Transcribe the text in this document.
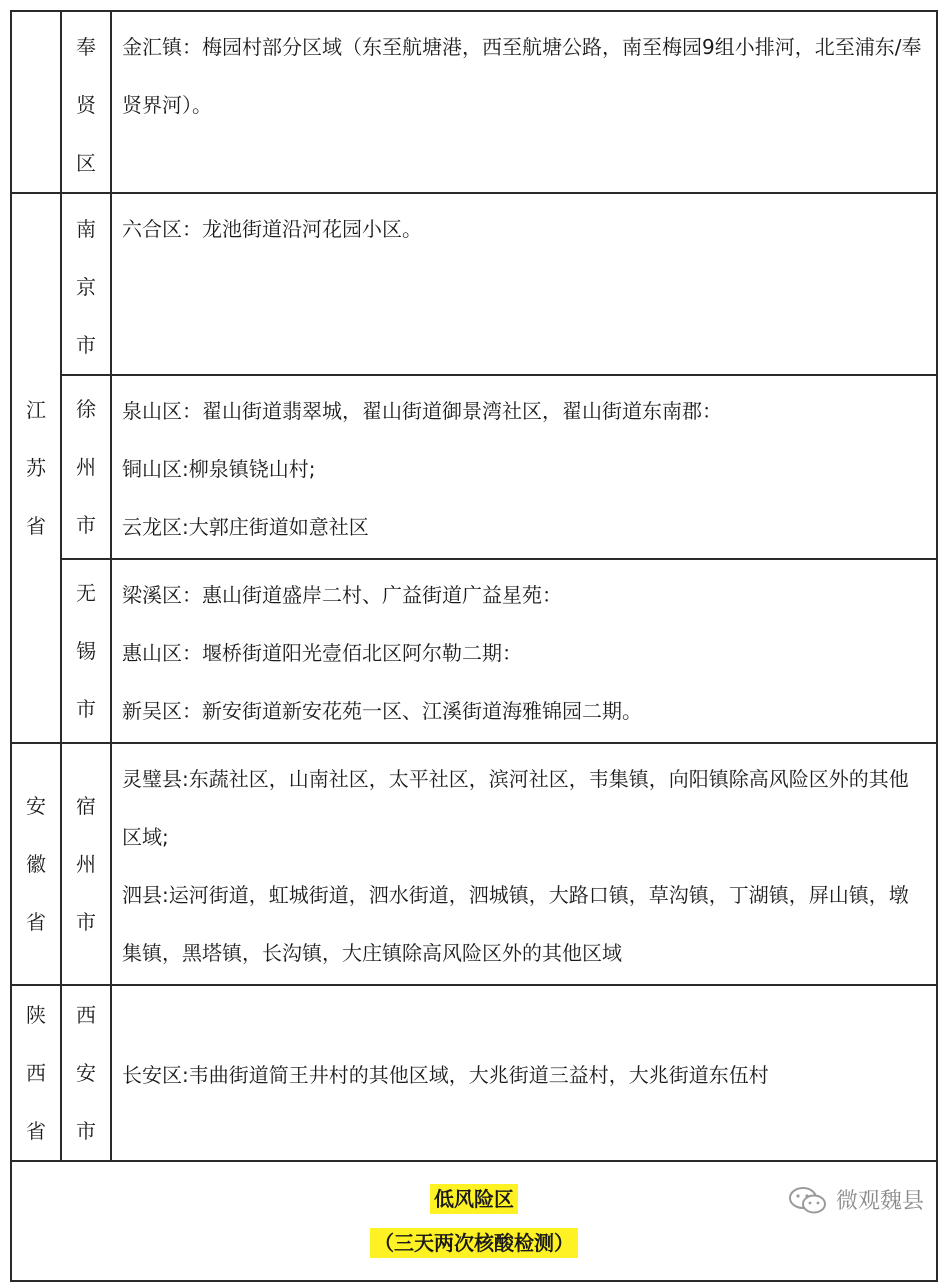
	奉贤区	金汇镇：梅园村部分区域（东至航塘港，西至航塘公路，南至梅园9组小排河，北至浦东/奉贤界河）。

江苏省	南京市	六合区：龙池街道沿河花园小区。

	徐州市	泉山区：翟山街道翡翠城，翟山街道御景湾社区，翟山街道东南郡：
铜山区:柳泉镇铙山村;
云龙区:大郭庄街道如意社区

	无锡市	梁溪区：惠山街道盛岸二村、广益街道广益星苑：
惠山区：堰桥街道阳光壹佰北区阿尔勒二期：
新吴区：新安街道新安花苑一区、江溪街道海雅锦园二期。

安徽省	宿州市	灵璧县:东蔬社区，山南社区，太平社区，滨河社区，韦集镇，向阳镇除高风险区外的其他区域;
泗县:运河街道，虹城街道，泗水街道，泗城镇，大路口镇，草沟镇，丁湖镇，屏山镇，墩集镇，黑塔镇，长沟镇，大庄镇除高风险区外的其他区域

陕西省	西安市	长安区:韦曲街道简王井村的其他区域，大兆街道三益村，大兆街道东伍村

低风险区
（三天两次核酸检测）		
微观魏县
